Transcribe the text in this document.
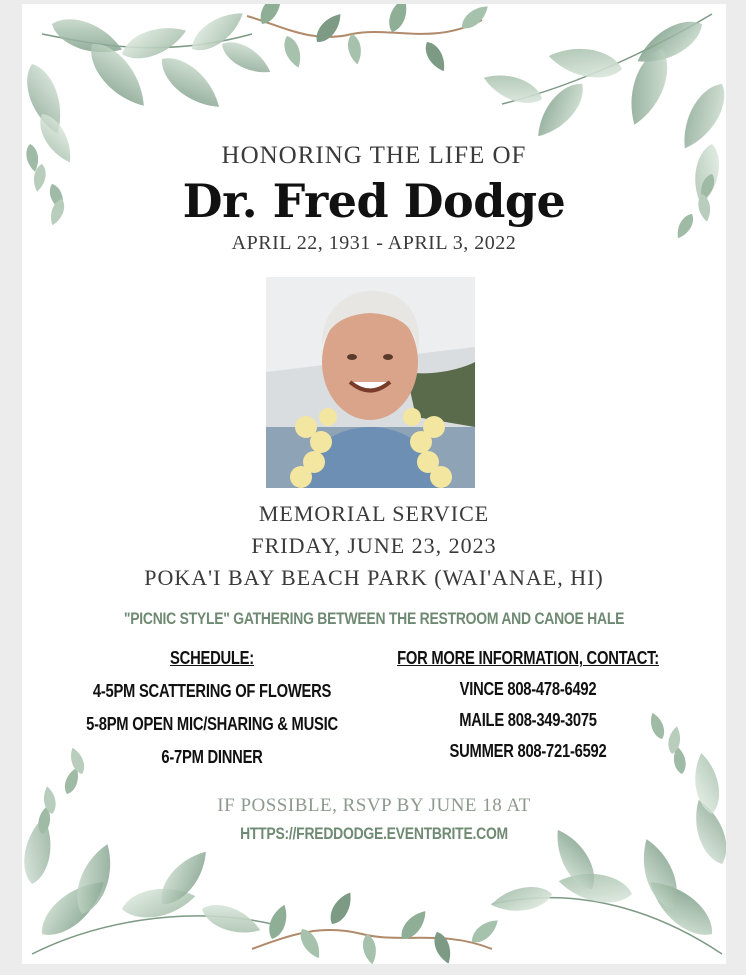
HONORING THE LIFE OF

Dr. Fred Dodge

APRIL 22, 1931 - APRIL 3, 2022

MEMORIAL SERVICE

FRIDAY, JUNE 23, 2023

POKA'I BAY BEACH PARK (WAI'ANAE, HI)

"PICNIC STYLE" GATHERING BETWEEN THE RESTROOM AND CANOE HALE

SCHEDULE:

4-5PM SCATTERING OF FLOWERS

5-8PM OPEN MIC/SHARING & MUSIC

6-7PM DINNER

FOR MORE INFORMATION, CONTACT:

VINCE 808-478-6492

MAILE 808-349-3075

SUMMER 808-721-6592

IF POSSIBLE, RSVP BY JUNE 18 AT

HTTPS://FREDDODGE.EVENTBRITE.COM
